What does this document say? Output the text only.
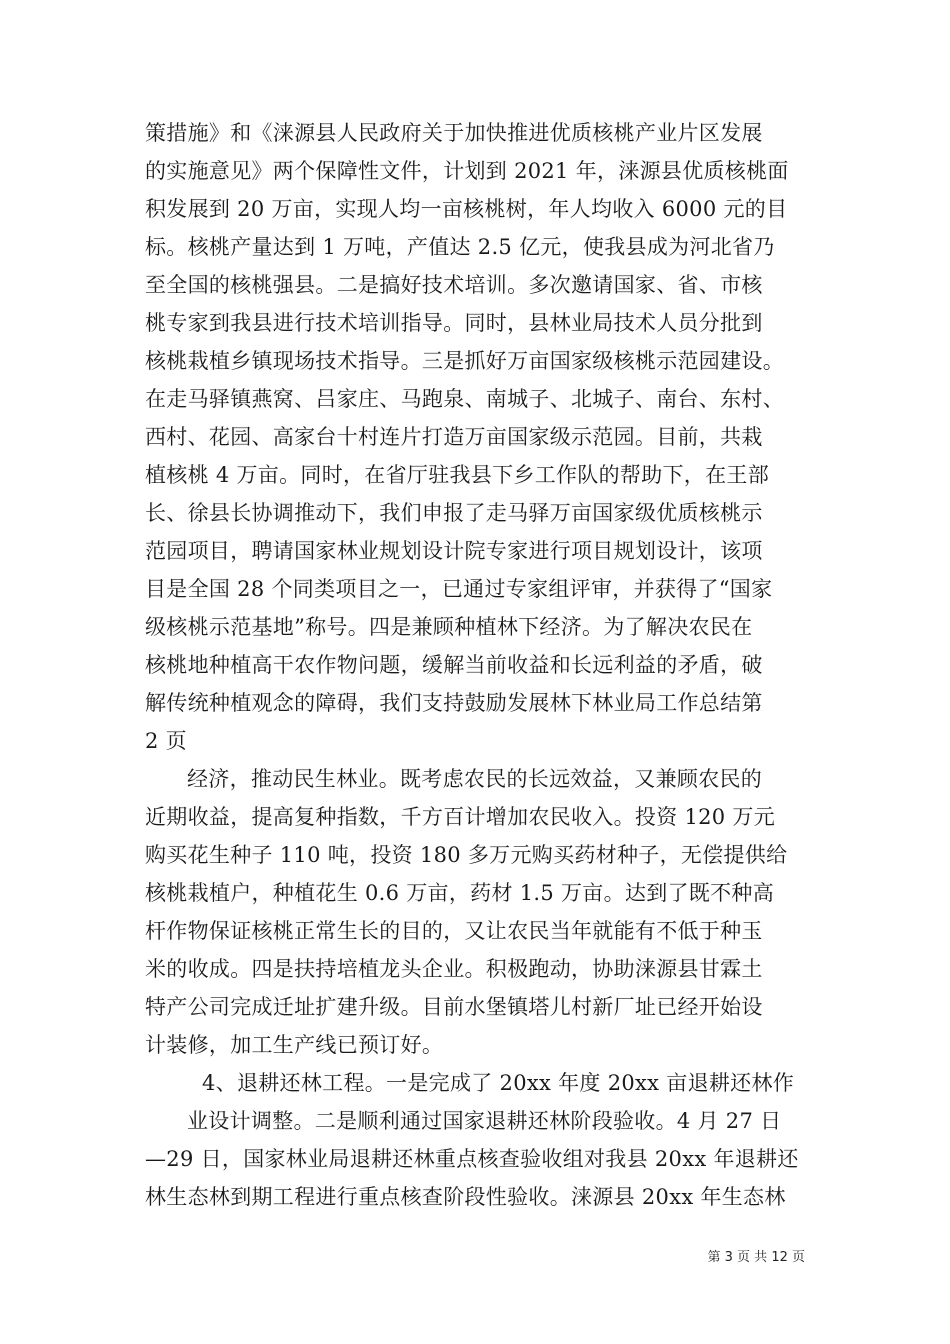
策措施》和《涞源县人民政府关于加快推进优质核桃产业片区发展
的实施意见》两个保障性文件，计划到 2021 年，涞源县优质核桃面
积发展到 20 万亩，实现人均一亩核桃树，年人均收入 6000 元的目
标。核桃产量达到 1 万吨，产值达 2.5 亿元，使我县成为河北省乃
至全国的核桃强县。二是搞好技术培训。多次邀请国家、省、市核
桃专家到我县进行技术培训指导。同时，县林业局技术人员分批到
核桃栽植乡镇现场技术指导。三是抓好万亩国家级核桃示范园建设。
在走马驿镇燕窝、吕家庄、马跑泉、南城子、北城子、南台、东村、
西村、花园、高家台十村连片打造万亩国家级示范园。目前，共栽
植核桃 4 万亩。同时，在省厅驻我县下乡工作队的帮助下，在王部
长、徐县长协调推动下，我们申报了走马驿万亩国家级优质核桃示
范园项目，聘请国家林业规划设计院专家进行项目规划设计，该项
目是全国 28 个同类项目之一，已通过专家组评审，并获得了“国家
级核桃示范基地”称号。四是兼顾种植林下经济。为了解决农民在
核桃地种植高干农作物问题，缓解当前收益和长远利益的矛盾，破
解传统种植观念的障碍，我们支持鼓励发展林下林业局工作总结第
2 页
经济，推动民生林业。既考虑农民的长远效益，又兼顾农民的
近期收益，提高复种指数，千方百计增加农民收入。投资 120 万元
购买花生种子 110 吨，投资 180 多万元购买药材种子，无偿提供给
核桃栽植户，种植花生 0.6 万亩，药材 1.5 万亩。达到了既不种高
杆作物保证核桃正常生长的目的，又让农民当年就能有不低于种玉
米的收成。四是扶持培植龙头企业。积极跑动，协助涞源县甘霖土
特产公司完成迁址扩建升级。目前水堡镇塔儿村新厂址已经开始设
计装修，加工生产线已预订好。
4、退耕还林工程。一是完成了 20xx 年度 20xx 亩退耕还林作
业设计调整。二是顺利通过国家退耕还林阶段验收。4 月 27 日
—29 日，国家林业局退耕还林重点核查验收组对我县 20xx 年退耕还
林生态林到期工程进行重点核查阶段性验收。涞源县 20xx 年生态林
第 3 页 共 12 页
